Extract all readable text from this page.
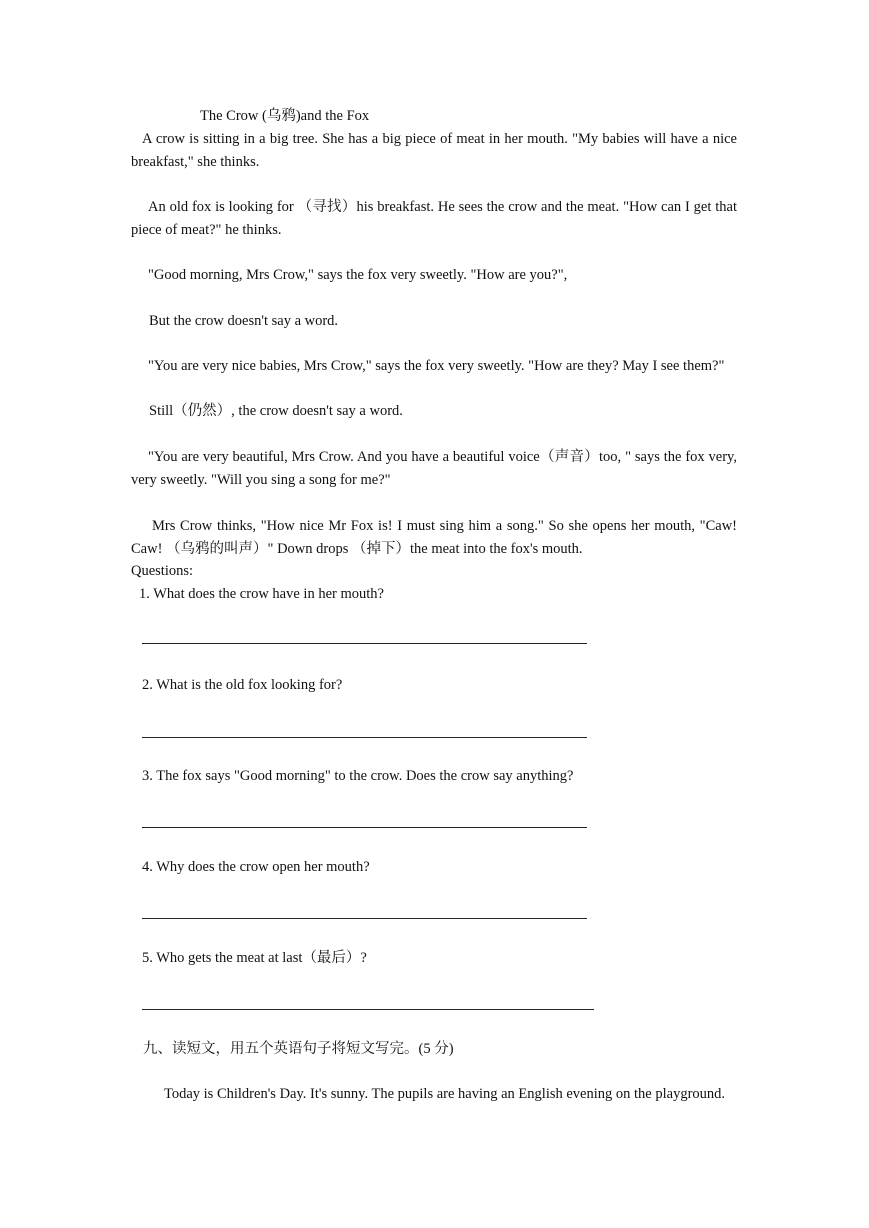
The Crow (乌鸦)and the Fox
A crow is sitting in a big tree. She has a big piece of meat in her mouth. "My babies will have a nice breakfast," she thinks.
An old fox is looking for （寻找）his breakfast. He sees the crow and the meat. "How can I get that piece of meat?" he thinks.
"Good morning, Mrs Crow," says the fox very sweetly. "How are you?",
But the crow doesn't say a word.
"You are very nice babies, Mrs Crow," says the fox very sweetly. "How are they? May I see them?"
Still（仍然）, the crow doesn't say a word.
"You are very beautiful, Mrs Crow. And you have a beautiful voice（声音）too, " says the fox very, very sweetly. "Will you sing a song for me?"
Mrs Crow thinks, "How nice Mr Fox is! I must sing him a song." So she opens her mouth, "Caw! Caw! （乌鸦的叫声）" Down drops （掉下）the meat into the fox's mouth.
Questions:
1. What does the crow have in her mouth?
2. What is the old fox looking for?
3. The fox says "Good morning" to the crow. Does the crow say anything?
4. Why does the crow open her mouth?
5. Who gets the meat at last（最后）?
九、读短文，用五个英语句子将短文写完。(5 分)
Today is Children's Day. It's sunny. The pupils are having an English evening on the playground.
